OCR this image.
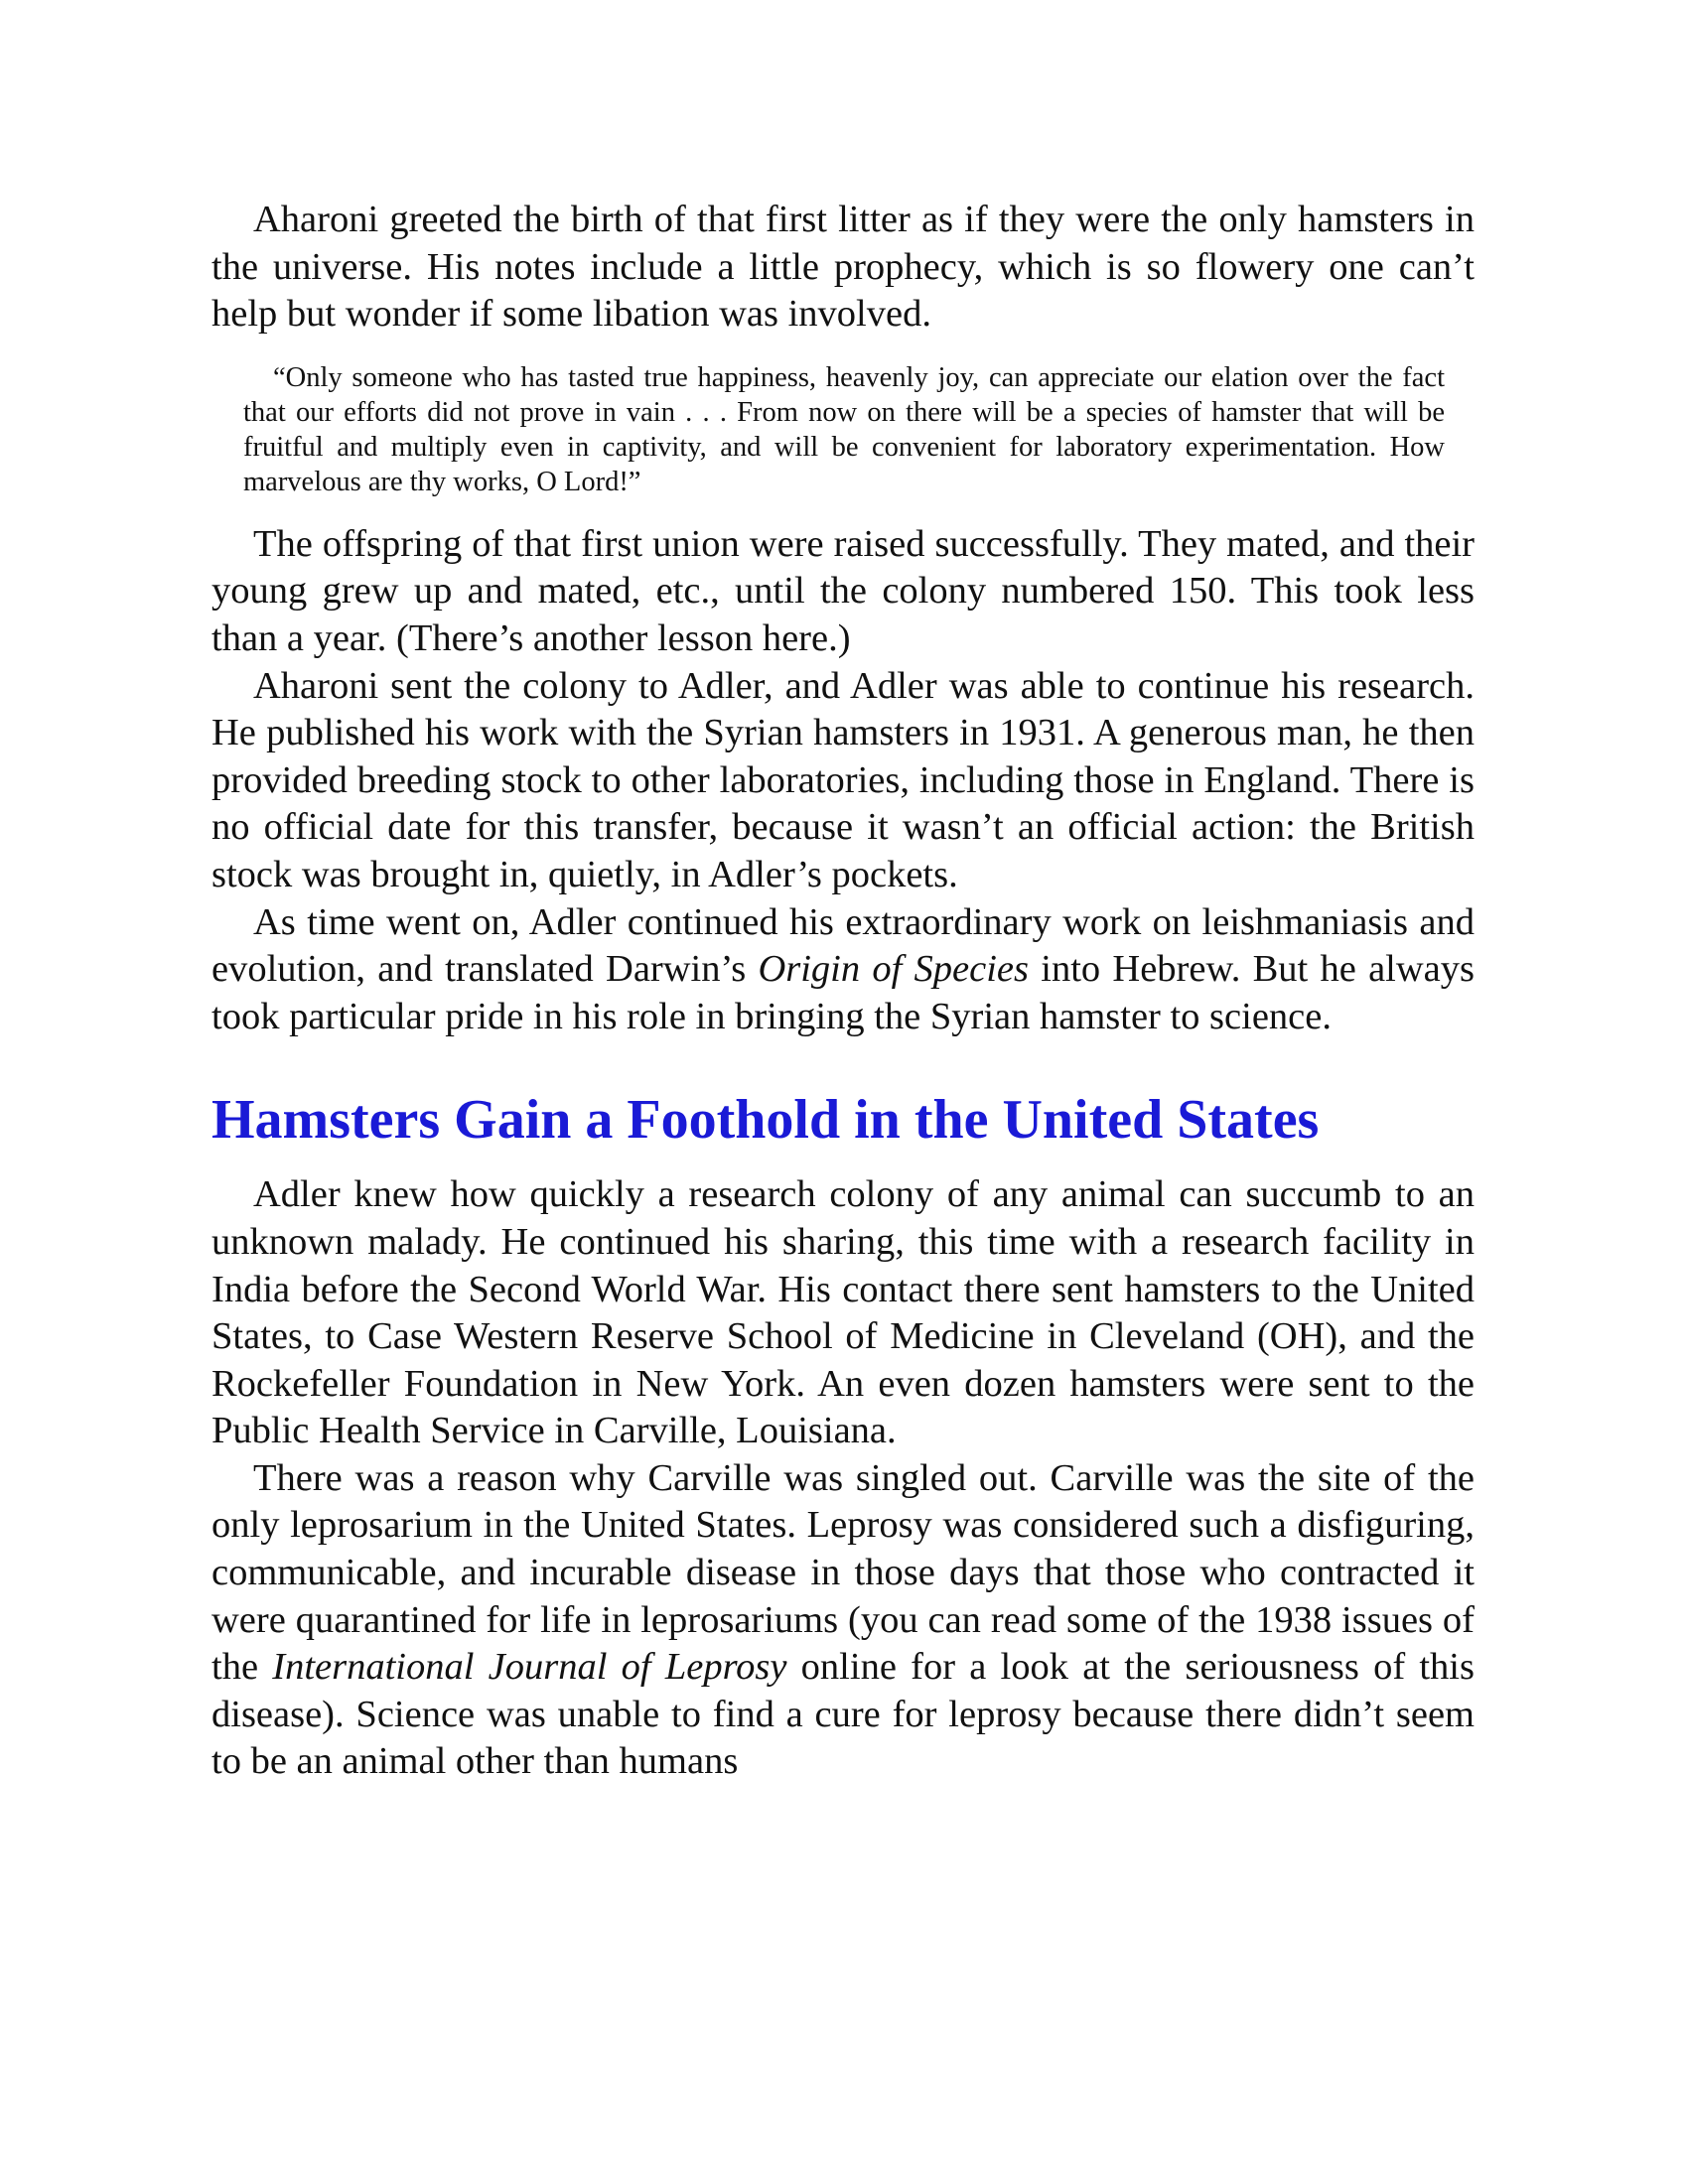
Aharoni greeted the birth of that first litter as if they were the only hamsters in the universe. His notes include a little prophecy, which is so flowery one can’t help but wonder if some libation was involved.

“Only someone who has tasted true happiness, heavenly joy, can appreciate our elation over the fact that our efforts did not prove in vain . . . From now on there will be a species of hamster that will be fruitful and multiply even in captivity, and will be convenient for laboratory experimentation. How marvelous are thy works, O Lord!”

The offspring of that first union were raised successfully. They mated, and their young grew up and mated, etc., until the colony numbered 150. This took less than a year. (There’s another lesson here.)

Aharoni sent the colony to Adler, and Adler was able to continue his research. He published his work with the Syrian hamsters in 1931. A generous man, he then provided breeding stock to other laboratories, including those in England. There is no official date for this transfer, because it wasn’t an official action: the British stock was brought in, quietly, in Adler’s pockets.

As time went on, Adler continued his extraordinary work on leishmaniasis and evolution, and translated Darwin’s Origin of Species into Hebrew. But he always took particular pride in his role in bringing the Syrian hamster to science.

Hamsters Gain a Foothold in the United States

Adler knew how quickly a research colony of any animal can succumb to an unknown malady. He continued his sharing, this time with a research facility in India before the Second World War. His contact there sent hamsters to the United States, to Case Western Reserve School of Medicine in Cleveland (OH), and the Rockefeller Foundation in New York. An even dozen hamsters were sent to the Public Health Service in Carville, Louisiana.

There was a reason why Carville was singled out. Carville was the site of the only leprosarium in the United States. Leprosy was considered such a disfiguring, communicable, and incurable disease in those days that those who contracted it were quarantined for life in leprosariums (you can read some of the 1938 issues of the International Journal of Leprosy online for a look at the seriousness of this disease). Science was unable to find a cure for leprosy because there didn’t seem to be an animal other than humans
